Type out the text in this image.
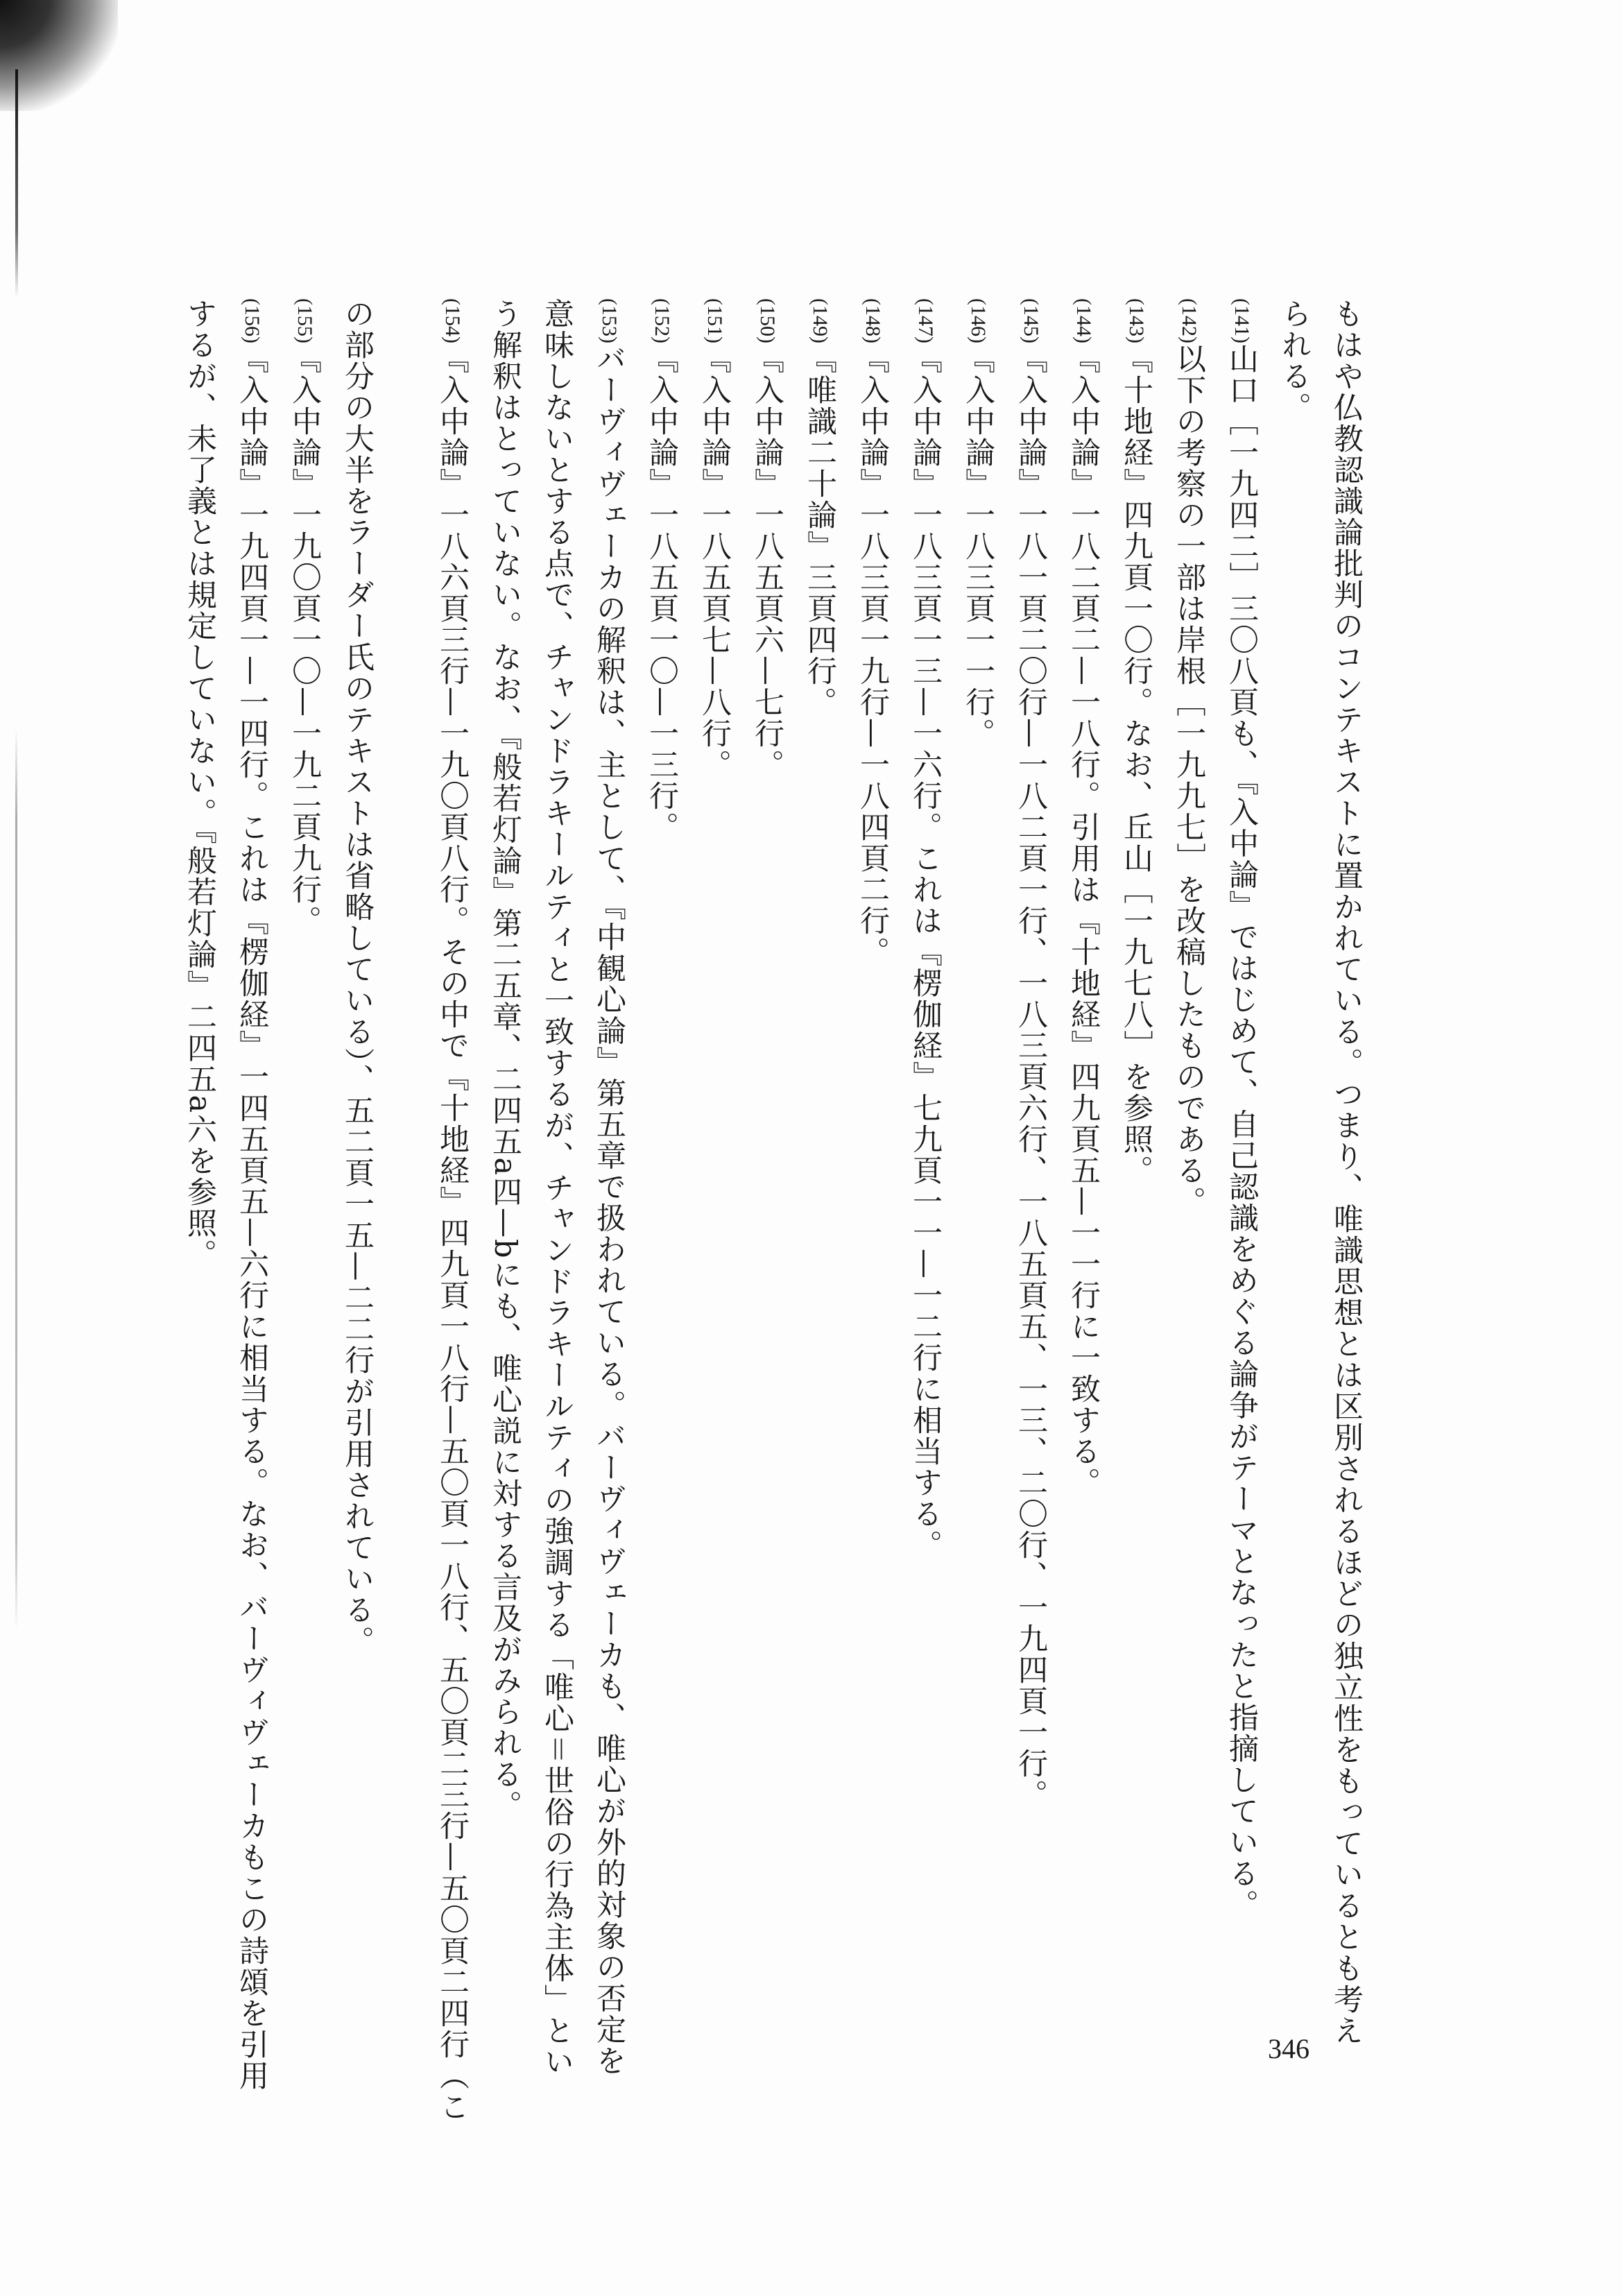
もはや仏教認識論批判のコンテキストに置かれている。つまり、唯識思想とは区別されるほどの独立性をもっているとも考え
られる。
(141)山口［一九四二］三〇八頁も、『入中論』ではじめて、自己認識をめぐる論争がテーマとなったと指摘している。
(142)以下の考察の一部は岸根［一九九七］を改稿したものである。
(143)『十地経』四九頁一〇行。なお、丘山［一九七八］を参照。
(144)『入中論』一八二頁二—一八行。引用は『十地経』四九頁五—一一行に一致する。
(145)『入中論』一八一頁二〇行—一八二頁一行、一八三頁六行、一八五頁五、一三、二〇行、一九四頁一行。
(146)『入中論』一八三頁一一行。
(147)『入中論』一八三頁一三—一六行。これは『楞伽経』七九頁一一—一二行に相当する。
(148)『入中論』一八三頁一九行—一八四頁二行。
(149)『唯識二十論』三頁四行。
(150)『入中論』一八五頁六—七行。
(151)『入中論』一八五頁七—八行。
(152)『入中論』一八五頁一〇—一三行。
(153)バーヴィヴェーカの解釈は、主として、『中観心論』第五章で扱われている。バーヴィヴェーカも、唯心が外的対象の否定を
意味しないとする点で、チャンドラキールティと一致するが、チャンドラキールティの強調する「唯心＝世俗の行為主体」とい
う解釈はとっていない。なお、『般若灯論』第二五章、二四五a四—bにも、唯心説に対する言及がみられる。
(154)『入中論』一八六頁三行—一九〇頁八行。その中で『十地経』四九頁一八行—五〇頁一八行、五〇頁二三行—五〇頁二四行（こ
の部分の大半をラーダー氏のテキストは省略している）、五二頁一五—二二行が引用されている。
(155)『入中論』一九〇頁一〇—一九二頁九行。
(156)『入中論』一九四頁一—一四行。これは『楞伽経』一四五頁五—六行に相当する。なお、バーヴィヴェーカもこの詩頌を引用
するが、未了義とは規定していない。『般若灯論』二四五a六を参照。
346
